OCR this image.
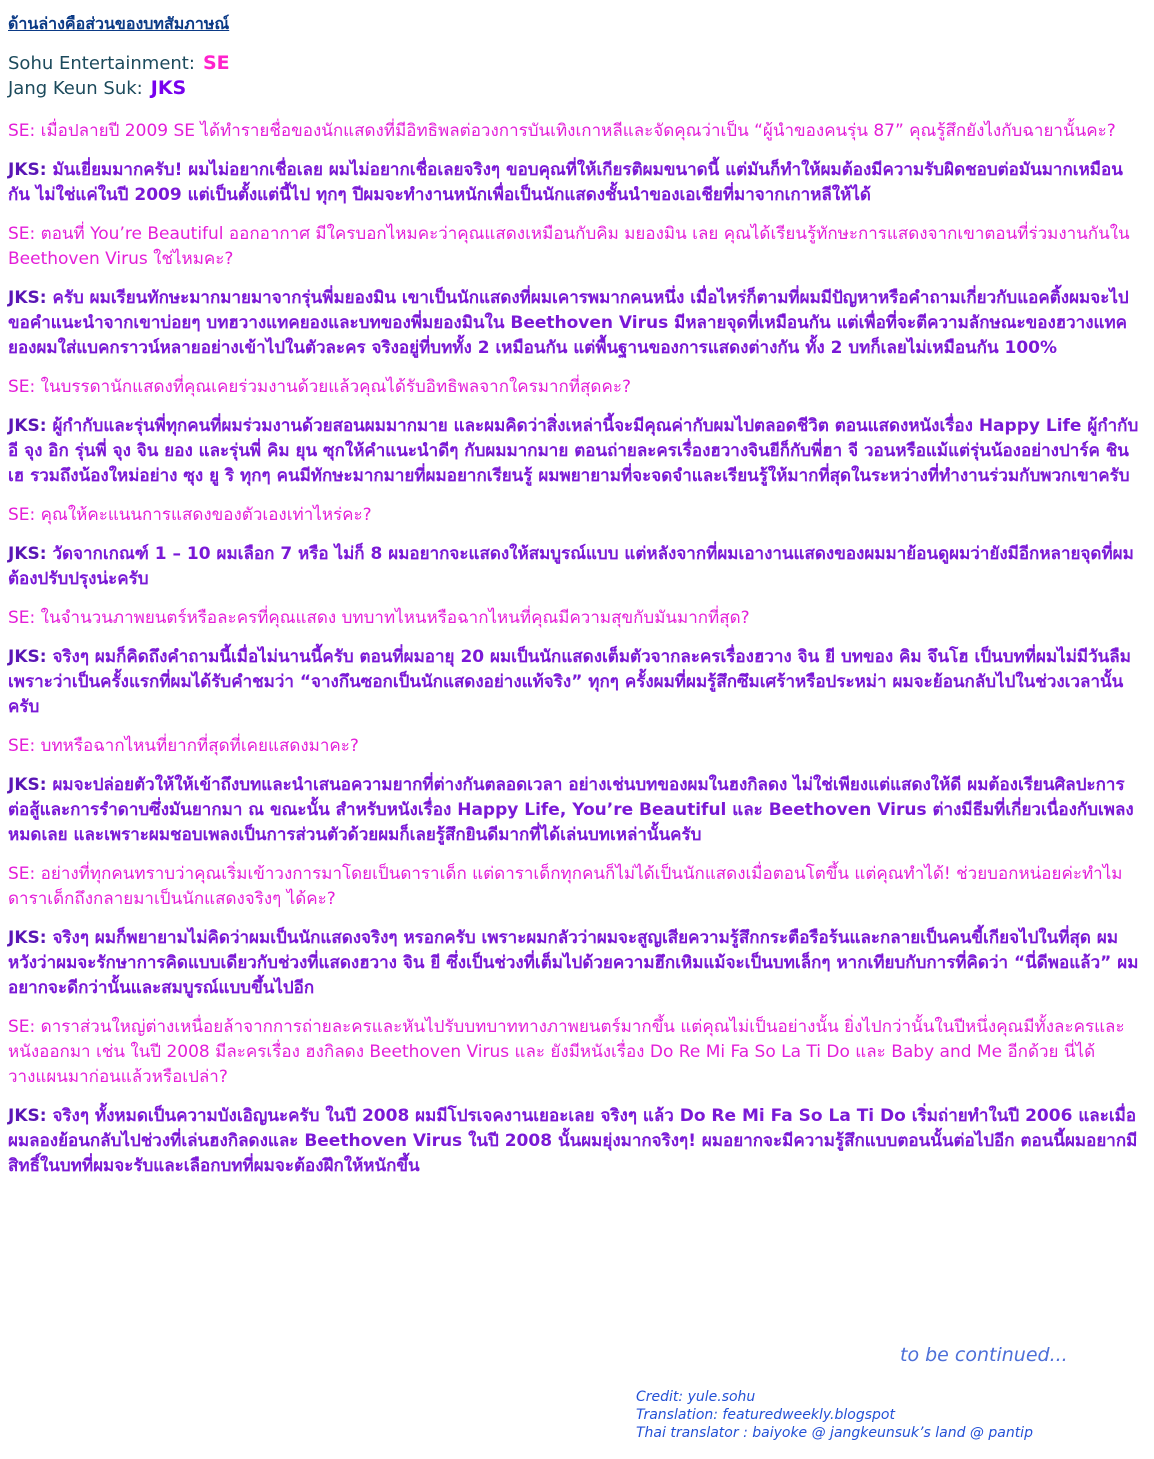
ด้านล่างคือส่วนของบทสัมภาษณ์
Sohu Entertainment: SE
Jang Keun Suk: JKS
SE: เมื่อปลายปี 2009 SE ได้ทำรายชื่อของนักแสดงที่มีอิทธิพลต่อวงการบันเทิงเกาหลีและจัดคุณว่าเป็น “ผู้นำของคนรุ่น 87” คุณรู้สึกยังไงกับฉายานั้นคะ?
JKS: มันเยี่ยมมากครับ! ผมไม่อยากเชื่อเลย ผมไม่อยากเชื่อเลยจริงๆ ขอบคุณที่ให้เกียรติผมขนาดนี้ แต่มันก็ทำให้ผมต้องมีความรับผิดชอบต่อมันมากเหมือนกัน ไม่ใช่แค่ในปี 2009 แต่เป็นตั้งแต่นี้ไป ทุกๆ ปีผมจะทำงานหนักเพื่อเป็นนักแสดงชั้นนำของเอเชียที่มาจากเกาหลีให้ได้
SE: ตอนที่ You’re Beautiful ออกอากาศ มีใครบอกไหมคะว่าคุณแสดงเหมือนกับคิม มยองมิน เลย คุณได้เรียนรู้ทักษะการแสดงจากเขาตอนที่ร่วมงานกันใน Beethoven Virus ใช่ไหมคะ?
JKS: ครับ ผมเรียนทักษะมากมายมาจากรุ่นพี่มยองมิน เขาเป็นนักแสดงที่ผมเคารพมากคนหนึ่ง เมื่อไหร่ก็ตามที่ผมมีปัญหาหรือคำถามเกี่ยวกับแอคติ้งผมจะไปขอคำแนะนำจากเขาบ่อยๆ บทฮวางแทคยองและบทของพี่มยองมินใน Beethoven Virus มีหลายจุดที่เหมือนกัน แต่เพื่อที่จะตีความลักษณะของฮวางแทคยองผมใส่แบคกราวน์หลายอย่างเข้าไปในตัวละคร จริงอยู่ที่บททั้ง 2 เหมือนกัน แต่พื้นฐานของการแสดงต่างกัน ทั้ง 2 บทก็เลยไม่เหมือนกัน 100%
SE: ในบรรดานักแสดงที่คุณเคยร่วมงานด้วยแล้วคุณได้รับอิทธิพลจากใครมากที่สุดคะ?
JKS: ผู้กำกับและรุ่นพี่ทุกคนที่ผมร่วมงานด้วยสอนผมมากมาย และผมคิดว่าสิ่งเหล่านี้จะมีคุณค่ากับผมไปตลอดชีวิต ตอนแสดงหนังเรื่อง Happy Life ผู้กำกับ อี จุง อิก รุ่นพี่ จุง จิน ยอง และรุ่นพี่ คิม ยุน ซุกให้คำแนะนำดีๆ กับผมมากมาย ตอนถ่ายละครเรื่องฮวางจินยีก็กับพี่ฮา จี วอนหรือแม้แต่รุ่นน้องอย่างปาร์ค ชิน เฮ รวมถึงน้องใหม่อย่าง ซุง ยู ริ ทุกๆ คนมีทักษะมากมายที่ผมอยากเรียนรู้ ผมพยายามที่จะจดจำและเรียนรู้ให้มากที่สุดในระหว่างที่ทำงานร่วมกับพวกเขาครับ
SE: คุณให้คะแนนการแสดงของตัวเองเท่าไหร่คะ?
JKS: วัดจากเกณฑ์ 1 – 10 ผมเลือก 7 หรือ ไม่ก็ 8 ผมอยากจะแสดงให้สมบูรณ์แบบ แต่หลังจากที่ผมเอางานแสดงของผมมาย้อนดูผมว่ายังมีอีกหลายจุดที่ผมต้องปรับปรุงน่ะครับ
SE: ในจำนวนภาพยนตร์หรือละครที่คุณแสดง บทบาทไหนหรือฉากไหนที่คุณมีความสุขกับมันมากที่สุด?
JKS: จริงๆ ผมก็คิดถึงคำถามนี้เมื่อไม่นานนี้ครับ ตอนที่ผมอายุ 20 ผมเป็นนักแสดงเต็มตัวจากละครเรื่องฮวาง จิน ยี บทของ คิม จึนโฮ เป็นบทที่ผมไม่มีวันลืม เพราะว่าเป็นครั้งแรกที่ผมได้รับคำชมว่า “จางกึนซอกเป็นนักแสดงอย่างแท้จริง” ทุกๆ ครั้งผมที่ผมรู้สึกซึมเศร้าหรือประหม่า ผมจะย้อนกลับไปในช่วงเวลานั้นครับ
SE: บทหรือฉากไหนที่ยากที่สุดที่เคยแสดงมาคะ?
JKS: ผมจะปล่อยตัวให้ให้เข้าถึงบทและนำเสนอความยากที่ต่างกันตลอดเวลา อย่างเช่นบทของผมในฮงกิลดง ไม่ใช่เพียงแต่แสดงให้ดี ผมต้องเรียนศิลปะการต่อสู้และการรำดาบซึ่งมันยากมา ณ ขณะนั้น สำหรับหนังเรื่อง Happy Life, You’re Beautiful และ Beethoven Virus ต่างมีธีมที่เกี่ยวเนื่องกับเพลงหมดเลย และเพราะผมชอบเพลงเป็นการส่วนตัวด้วยผมก็เลยรู้สึกยินดีมากที่ได้เล่นบทเหล่านั้นครับ
SE: อย่างที่ทุกคนทราบว่าคุณเริ่มเข้าวงการมาโดยเป็นดาราเด็ก แต่ดาราเด็กทุกคนก็ไม่ได้เป็นนักแสดงเมื่อตอนโตขึ้น แต่คุณทำได้! ช่วยบอกหน่อยค่ะทำไมดาราเด็กถึงกลายมาเป็นนักแสดงจริงๆ ได้คะ?
JKS: จริงๆ ผมก็พยายามไม่คิดว่าผมเป็นนักแสดงจริงๆ หรอกครับ เพราะผมกลัวว่าผมจะสูญเสียความรู้สึกกระตือรือร้นและกลายเป็นคนขี้เกียจไปในที่สุด ผมหวังว่าผมจะรักษาการคิดแบบเดียวกับช่วงที่แสดงฮวาง จิน ยี ซึ่งเป็นช่วงที่เต็มไปด้วยความฮึกเหิมแม้จะเป็นบทเล็กๆ หากเทียบกับการที่คิดว่า “นี่ดีพอแล้ว” ผมอยากจะดีกว่านั้นและสมบูรณ์แบบขึ้นไปอีก
SE: ดาราส่วนใหญ่ต่างเหนื่อยล้าจากการถ่ายละครและหันไปรับบทบาททางภาพยนตร์มากขึ้น แต่คุณไม่เป็นอย่างนั้น ยิ่งไปกว่านั้นในปีหนึ่งคุณมีทั้งละครและหนังออกมา เช่น ในปี 2008 มีละครเรื่อง ฮงกิลดง Beethoven Virus และ ยังมีหนังเรื่อง Do Re Mi Fa So La Ti Do และ Baby and Me อีกด้วย นี่ได้วางแผนมาก่อนแล้วหรือเปล่า?
JKS: จริงๆ ทั้งหมดเป็นความบังเอิญนะครับ ในปี 2008 ผมมีโปรเจคงานเยอะเลย จริงๆ แล้ว Do Re Mi Fa So La Ti Do เริ่มถ่ายทำในปี 2006 และเมื่อผมลองย้อนกลับไปช่วงที่เล่นฮงกิลดงและ Beethoven Virus ในปี 2008 นั้นผมยุ่งมากจริงๆ! ผมอยากจะมีความรู้สึกแบบตอนนั้นต่อไปอีก ตอนนี้ผมอยากมีสิทธิ์ในบทที่ผมจะรับและเลือกบทที่ผมจะต้องฝึกให้หนักขึ้น
to be continued...
Credit: yule.sohu
Translation: featuredweekly.blogspot
Thai translator : baiyoke @ jangkeunsuk’s land @ pantip
